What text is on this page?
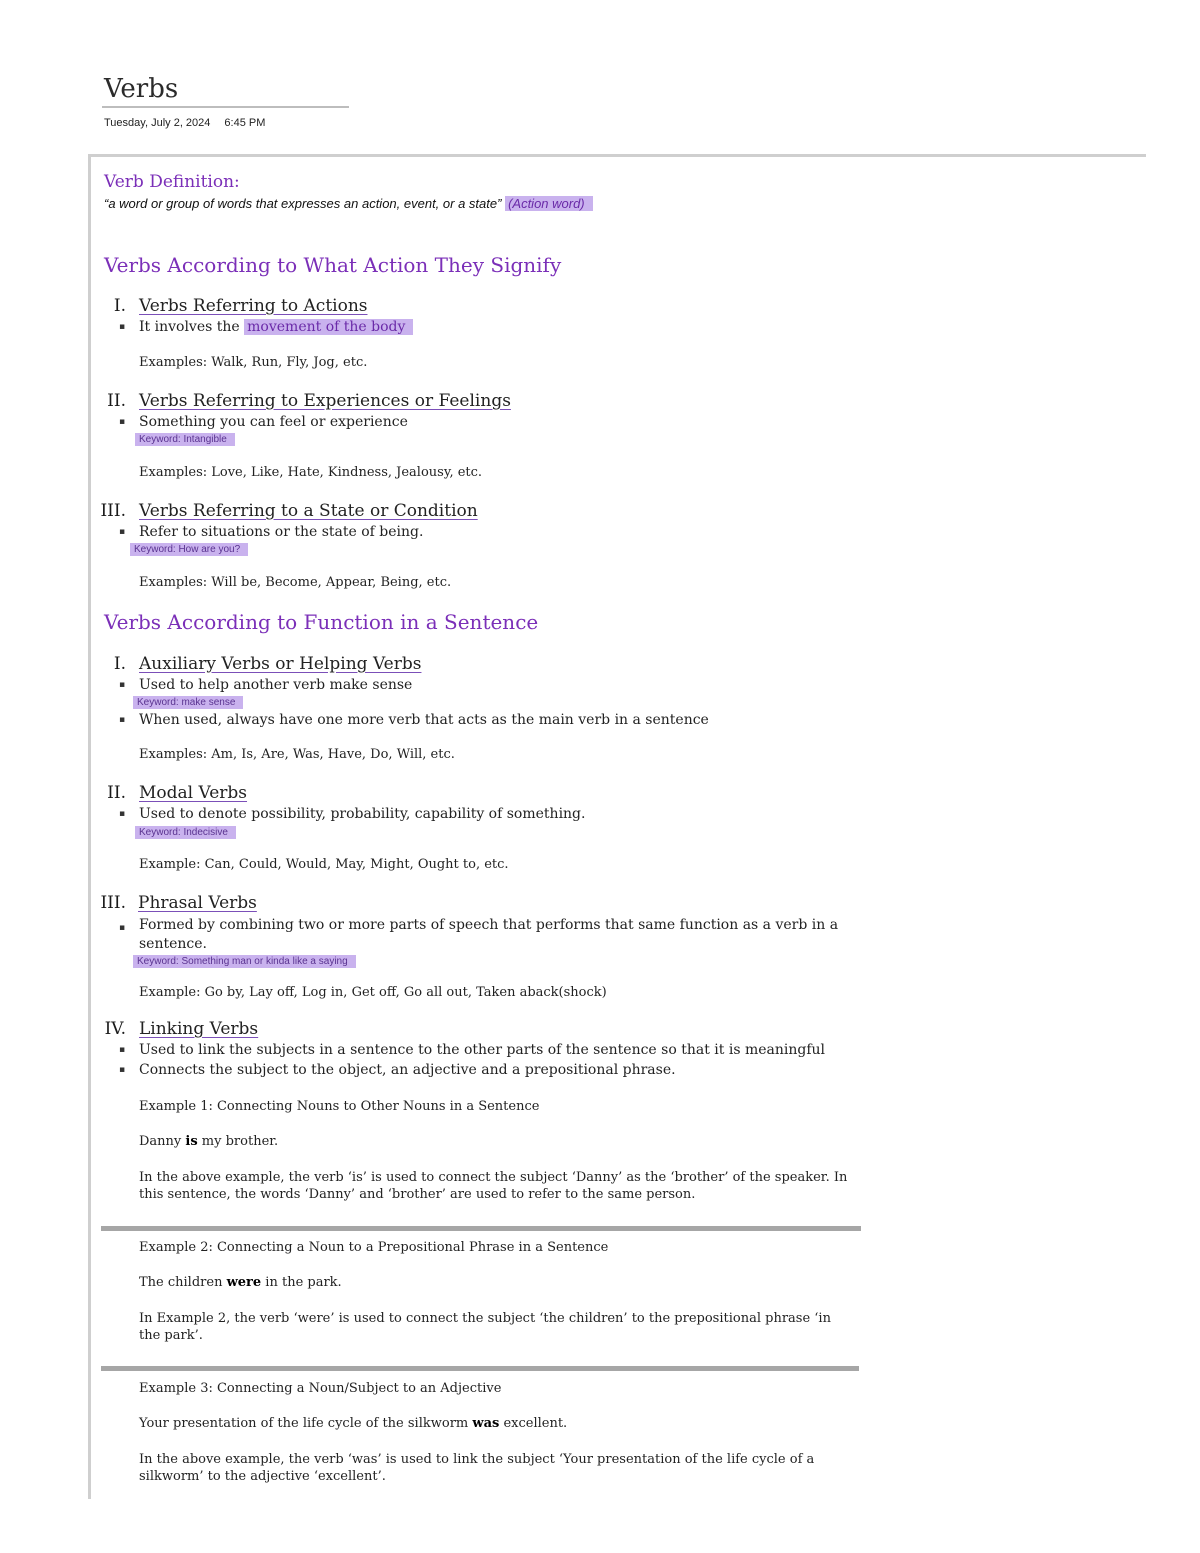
Verbs
Tuesday, July 2, 2024 6:45 PM
Verb Definition:
“a word or group of words that expresses an action, event, or a state” (Action word)
Verbs According to What Action They Signify
I. Verbs Referring to Actions
▪ It involves the movement of the body
Examples: Walk, Run, Fly, Jog, etc.
II. Verbs Referring to Experiences or Feelings
▪ Something you can feel or experience
Keyword: Intangible
Examples: Love, Like, Hate, Kindness, Jealousy, etc.
III. Verbs Referring to a State or Condition
▪ Refer to situations or the state of being.
Keyword: How are you?
Examples: Will be, Become, Appear, Being, etc.
Verbs According to Function in a Sentence
I. Auxiliary Verbs or Helping Verbs
▪ Used to help another verb make sense
Keyword: make sense
▪ When used, always have one more verb that acts as the main verb in a sentence
Examples: Am, Is, Are, Was, Have, Do, Will, etc.
II. Modal Verbs
▪ Used to denote possibility, probability, capability of something.
Keyword: Indecisive
Example: Can, Could, Would, May, Might, Ought to, etc.
III. Phrasal Verbs
▪ Formed by combining two or more parts of speech that performs that same function as a verb in a sentence.
Keyword: Something man or kinda like a saying
Example: Go by, Lay off, Log in, Get off, Go all out, Taken aback(shock)
IV. Linking Verbs
▪ Used to link the subjects in a sentence to the other parts of the sentence so that it is meaningful
▪ Connects the subject to the object, an adjective and a prepositional phrase.
Example 1: Connecting Nouns to Other Nouns in a Sentence
Danny is my brother.
In the above example, the verb ‘is’ is used to connect the subject ‘Danny’ as the ‘brother’ of the speaker. In this sentence, the words ‘Danny’ and ‘brother’ are used to refer to the same person.
Example 2: Connecting a Noun to a Prepositional Phrase in a Sentence
The children were in the park.
In Example 2, the verb ‘were’ is used to connect the subject ‘the children’ to the prepositional phrase ‘in the park’.
Example 3: Connecting a Noun/Subject to an Adjective
Your presentation of the life cycle of the silkworm was excellent.
In the above example, the verb ‘was’ is used to link the subject ‘Your presentation of the life cycle of a silkworm’ to the adjective ‘excellent’.
